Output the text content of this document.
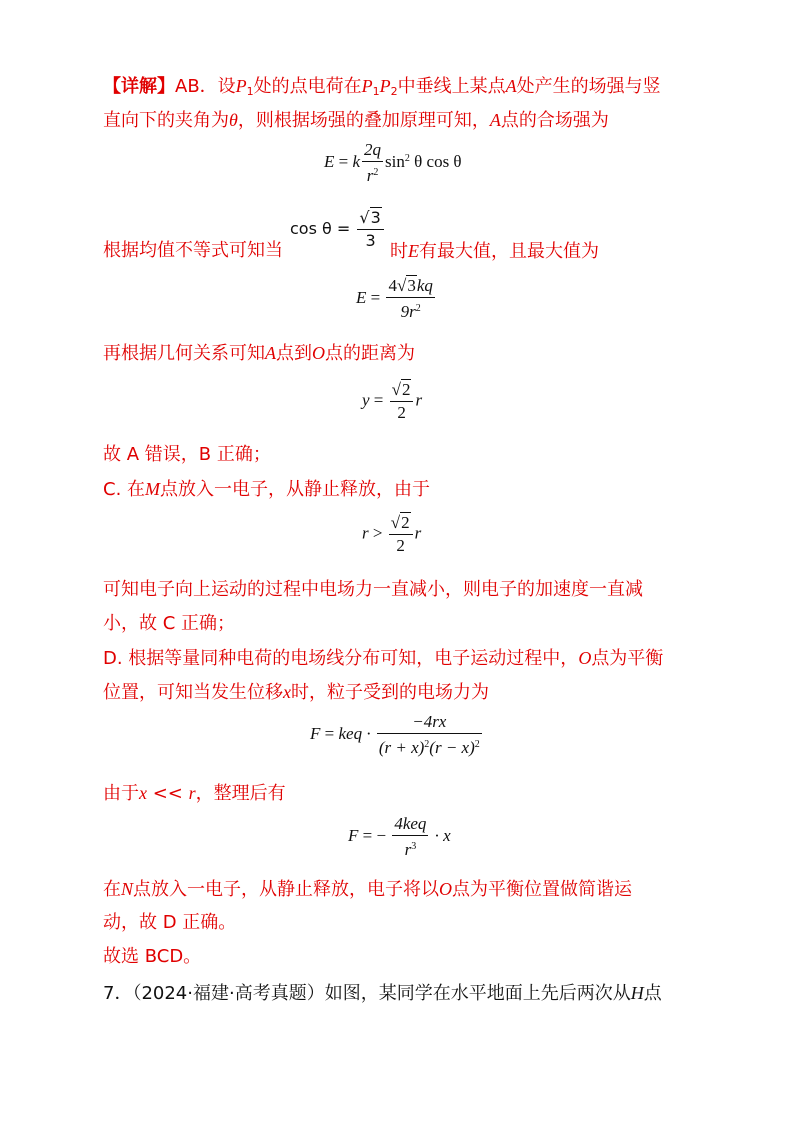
【详解】AB．设$P_1$处的点电荷在$P_1P_2$中垂线上某点A处产生的场强与竖
直向下的夹角为θ，则根据场强的叠加原理可知，A点的合场强为
E = k $\frac{2q}{r^2} \sin^2 \theta$ cos θ
$\cos \theta = \frac{√3}{3}$
根据均值不等式可知当	时E有最大值，且最大值为
$E = \frac{4√3kq}{9r^2}$
再根据几何关系可知A点到O点的距离为
$y = \frac{√2}{2}$ r
故 A 错误，B 正确；
C. 在M点放入一电子，从静止释放，由于
$r > \frac{√2}{2}$ r
可知电子向上运动的过程中电场力一直减小，则电子的加速度一直减
小，故 C 正确；
D. 根据等量同种电荷的电场线分布可知，电子运动过程中，O点为平衡
位置，可知当发生位移x时，粒子受到的电场力为
F = keq · $\frac{-4rx}{(r + x)^2(r - x)^2}$
由于x << r，整理后有
F = − $\frac{\text{4keq}}{r^3} \cdot x$
在N点放入一电子，从静止释放，电子将以O点为平衡位置做简谐运
动，故 D 正确。
故选 BCD。
7．（2024·福建·高考真题）如图，某同学在水平地面上先后两次从H点
